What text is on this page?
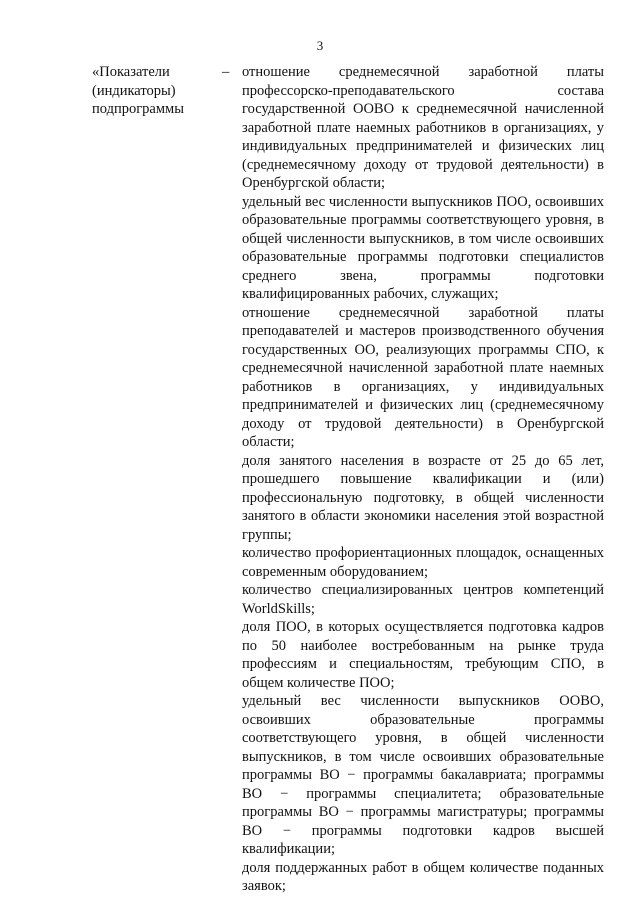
3
«Показатели (индикаторы) подпрограммы
– отношение среднемесячной заработной платы профессорско-преподавательского состава государственной ООВО к среднемесячной начисленной заработной плате наемных работников в организациях, у индивидуальных предпринимателей и физических лиц (среднемесячному доходу от трудовой деятельности) в Оренбургской области;

удельный вес численности выпускников ПОО, освоивших образовательные программы соответствующего уровня, в общей численности выпускников, в том числе освоивших образовательные программы подготовки специалистов среднего звена, программы подготовки квалифицированных рабочих, служащих;

отношение среднемесячной заработной платы преподавателей и мастеров производственного обучения государственных ОО, реализующих программы СПО, к среднемесячной начисленной заработной плате наемных работников в организациях, у индивидуальных предпринимателей и физических лиц (среднемесячному доходу от трудовой деятельности) в Оренбургской области;

доля занятого населения в возрасте от 25 до 65 лет, прошедшего повышение квалификации и (или) профессиональную подготовку, в общей численности занятого в области экономики населения этой возрастной группы;

количество профориентационных площадок, оснащенных современным оборудованием;

количество специализированных центров компетенций WorldSkills;

доля ПОО, в которых осуществляется подготовка кадров по 50 наиболее востребованным на рынке труда профессиям и специальностям, требующим СПО, в общем количестве ПОО;

удельный вес численности выпускников ООВО, освоивших образовательные программы соответствующего уровня, в общей численности выпускников, в том числе освоивших образовательные программы ВО − программы бакалавриата; программы ВО − программы специалитета; образовательные программы ВО − программы магистратуры; программы ВО − программы подготовки кадров высшей квалификации;

доля поддержанных работ в общем количестве поданных заявок;
